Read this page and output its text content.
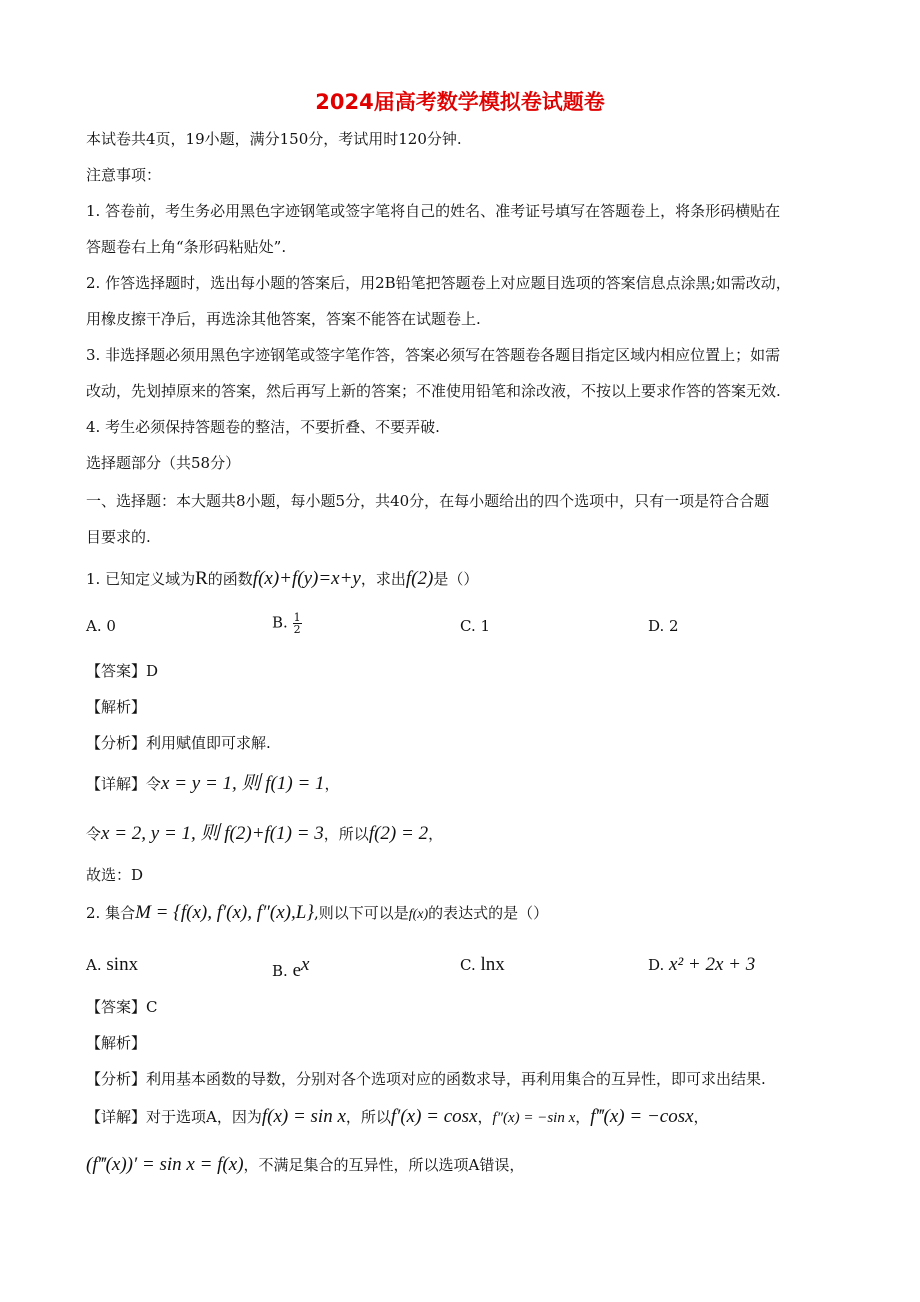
2024届高考数学模拟卷试题卷
本试卷共4页，19小题，满分150分，考试用时120分钟.
注意事项：
1. 答卷前，考生务必用黑色字迹钢笔或签字笔将自己的姓名、准考证号填写在答题卷上，将条形码横贴在
答题卷右上角“条形码粘贴处”.
2. 作答选择题时，选出每小题的答案后，用2B铅笔把答题卷上对应题目选项的答案信息点涂黑;如需改动，
用橡皮擦干净后，再选涂其他答案，答案不能答在试题卷上.
3. 非选择题必须用黑色字迹钢笔或签字笔作答，答案必须写在答题卷各题目指定区域内相应位置上；如需
改动，先划掉原来的答案，然后再写上新的答案；不准使用铅笔和涂改液，不按以上要求作答的答案无效.
4. 考生必须保持答题卷的整洁，不要折叠、不要弄破.
选择题部分（共58分）
一、选择题：本大题共8小题，每小题5分，共40分，在每小题给出的四个选项中，只有一项是符合合题
目要求的.
1. 已知定义域为R的函数f(x)+f(y)=x+y，求出f(2)是（）
A. 0	B. $\frac{1}{2}$	C. 1	D. 2
【答案】D
【解析】
【分析】利用赋值即可求解.
【详解】令x = y = 1, 则 f(1) = 1，
令x = 2, y = 1, 则 f(2)+f(1) = 3，所以f(2) = 2，
故选：D
2. 集合M = {f(x), f′(x), f″(x),L},则以下可以是f(x)的表达式的是（）
A. sinx	B. $e^x$	C. lnx	D. x² + 2x + 3
【答案】C
【解析】
【分析】利用基本函数的导数，分别对各个选项对应的函数求导，再利用集合的互异性，即可求出结果.
【详解】对于选项A，因为f(x) = sin x，所以f′(x) = cosx，f″(x) = −sin x，f‴(x) = −cosx，
(f‴(x))′ = sin x = f(x)，不满足集合的互异性，所以选项A错误，
